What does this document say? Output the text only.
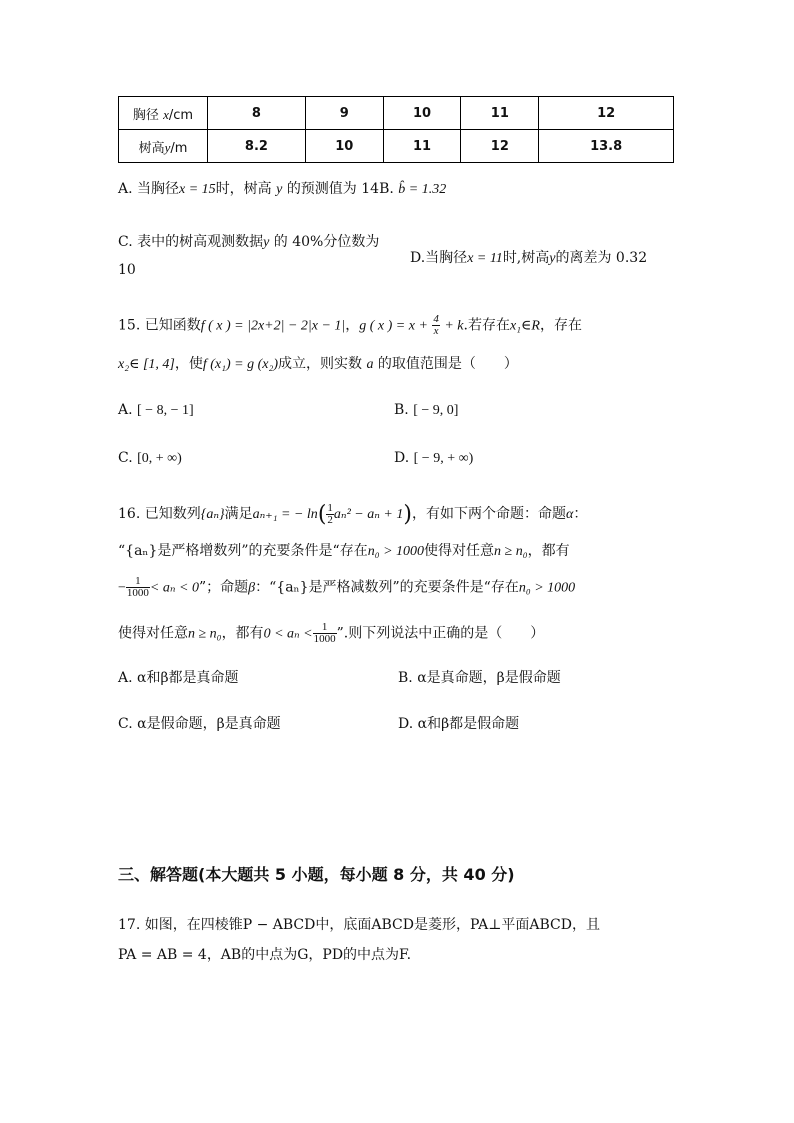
胸径 x/cm	8	9	10	11	12
树高y/m	8.2	10	11	12	13.8
A. 当胸径x = 15时，树高 y 的预测值为 14B. b̂ = 1.32
C. 表中的树高观测数据y 的 40%分位数为
10
D.当胸径x = 11时,树高y的离差为 0.32
15. 已知函数f ( x ) = |2x+2| − 2|x − 1|，g ( x ) = $x + \frac{4}{x} + k$.若存在x₁∈R，存在
x₂∈ [1, 4]，使f (x₁) = g (x₂)成立，则实数 a 的取值范围是（　　）
A. [ − 8, − 1]	B. [ − 9, 0]
C. [0, + ∞)	D. [ − 9, + ∞)
16. 已知数列{aₙ}满足aₙ₊₁ = − $\ln( \frac{1}{2} a_n^2 - a_n + 1)$，有如下两个命题：命题α：
“{aₙ}是严格增数列”的充要条件是“存在n₀ > 1000使得对任意n ≥ n₀，都有
− $\frac{1}{1000} < a_n < 0$”；命题β：“{aₙ}是严格减数列”的充要条件是“存在n₀ > 1000
使得对任意n ≥ n₀，都有$0 < a_n < \frac{1}{1000}$ ”.则下列说法中正确的是（　　）
A. α和β都是真命题	B. α是真命题，β是假命题
C. α是假命题，β是真命题	D. α和β都是假命题
三、解答题(本大题共 5 小题，每小题 8 分，共 40 分)
17. 如图，在四棱锥P − ABCD中，底面ABCD是菱形，PA⊥平面ABCD，且
PA = AB = 4，AB的中点为G，PD的中点为F.
